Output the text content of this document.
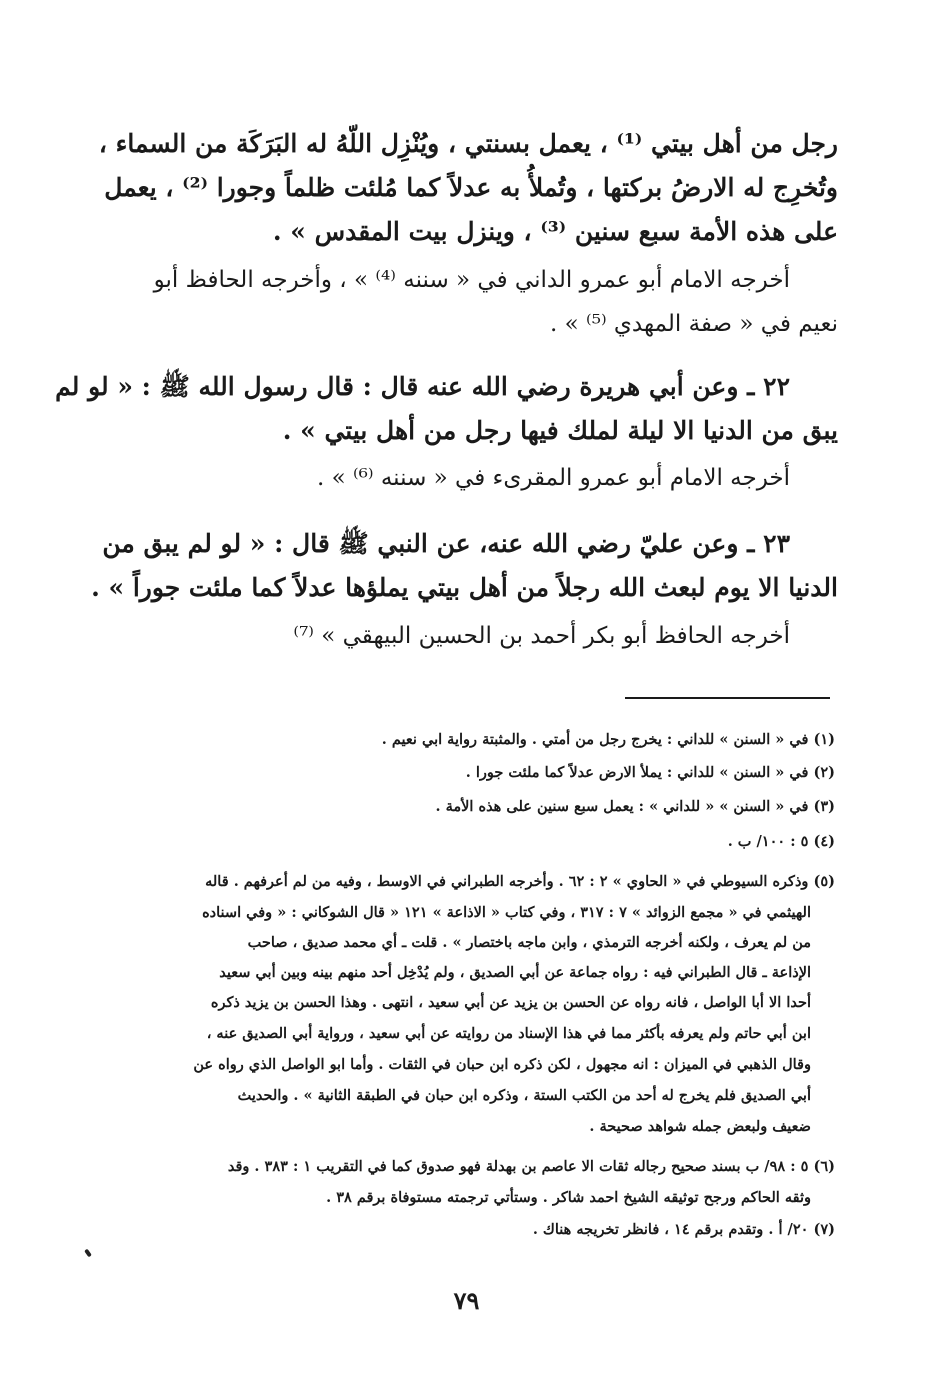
رجل من أهل بيتي ⁽¹⁾ ، يعمل بسنتي ، ويُنْزِل اللّهُ له البَرَكَة من السماء ،
وتُخرِج له الارضُ بركتها ، وتُملأُ به عدلاً كما مُلئت ظلماً وجورا ⁽²⁾ ، يعمل
على هذه الأمة سبع سنين ⁽³⁾ ، وينزل بيت المقدس » .
أخرجه الامام أبو عمرو الداني في « سننه ⁽⁴⁾ » ، وأخرجه الحافظ أبو
نعيم في « صفة المهدي ⁽⁵⁾ » .
٢٢ ـ وعن أبي هريرة رضي الله عنه قال : قال رسول الله ﷺ : « لو لم
يبق من الدنيا الا ليلة لملك فيها رجل من أهل بيتي » .
أخرجه الامام أبو عمرو المقرىء في « سننه ⁽⁶⁾ » .
٢٣ ـ وعن عليّ رضي الله عنه، عن النبي ﷺ قال : « لو لم يبق من
الدنيا الا يوم لبعث الله رجلاً من أهل بيتي يملؤها عدلاً كما ملئت جوراً » .
أخرجه الحافظ أبو بكر أحمد بن الحسين البيهقي » ⁽⁷⁾
(١) في « السنن » للداني : يخرج رجل من أمتي . والمثبتة رواية ابي نعيم .
(٢) في « السنن » للداني : يملأ الارض عدلاً كما ملئت جورا .
(٣) في « السنن » « للداني » : يعمل سبع سنين على هذه الأمة .
(٤) ٥ : ١٠٠/ ب .
(٥) وذكره السيوطي في « الحاوي » ٢ : ٦٢ . وأخرجه الطبراني في الاوسط ، وفيه من لم أعرفهم . قاله
الهيثمي في « مجمع الزوائد » ٧ : ٣١٧ ، وفي كتاب « الاذاعة » ١٢١ « قال الشوكاني : « وفي اسناده
من لم يعرف ، ولكنه أخرجه الترمذي ، وابن ماجه باختصار » . قلت ـ أي محمد صديق ، صاحب
الإذاعة ـ قال الطبراني فيه : رواه جماعة عن أبي الصديق ، ولم يُدْخِل أحد منهم بينه وبين أبي سعيد
أحدا الا أبا الواصل ، فانه رواه عن الحسن بن يزيد عن أبي سعيد ، انتهى . وهذا الحسن بن يزيد ذكره
ابن أبي حاتم ولم يعرفه بأكثر مما في هذا الإسناد من روايته عن أبي سعيد ، ورواية أبي الصديق عنه ،
وقال الذهبي في الميزان : انه مجهول ، لكن ذكره ابن حبان في الثقات . وأما ابو الواصل الذي رواه عن
أبي الصديق فلم يخرج له أحد من الكتب الستة ، وذكره ابن حبان في الطبقة الثانية » . والحديث
ضعيف ولبعض جمله شواهد صحيحة .
(٦) ٥ : ٩٨/ ب بسند صحيح رجاله ثقات الا عاصم بن بهدلة فهو صدوق كما في التقريب ١ : ٣٨٣ . وقد
وثقه الحاكم ورجح توثيقه الشيخ احمد شاكر . وستأتي ترجمته مستوفاة برقم ٣٨ .
(٧) ٢٠/ أ . وتقدم برقم ١٤ ، فانظر تخريجه هناك .
٧٩
